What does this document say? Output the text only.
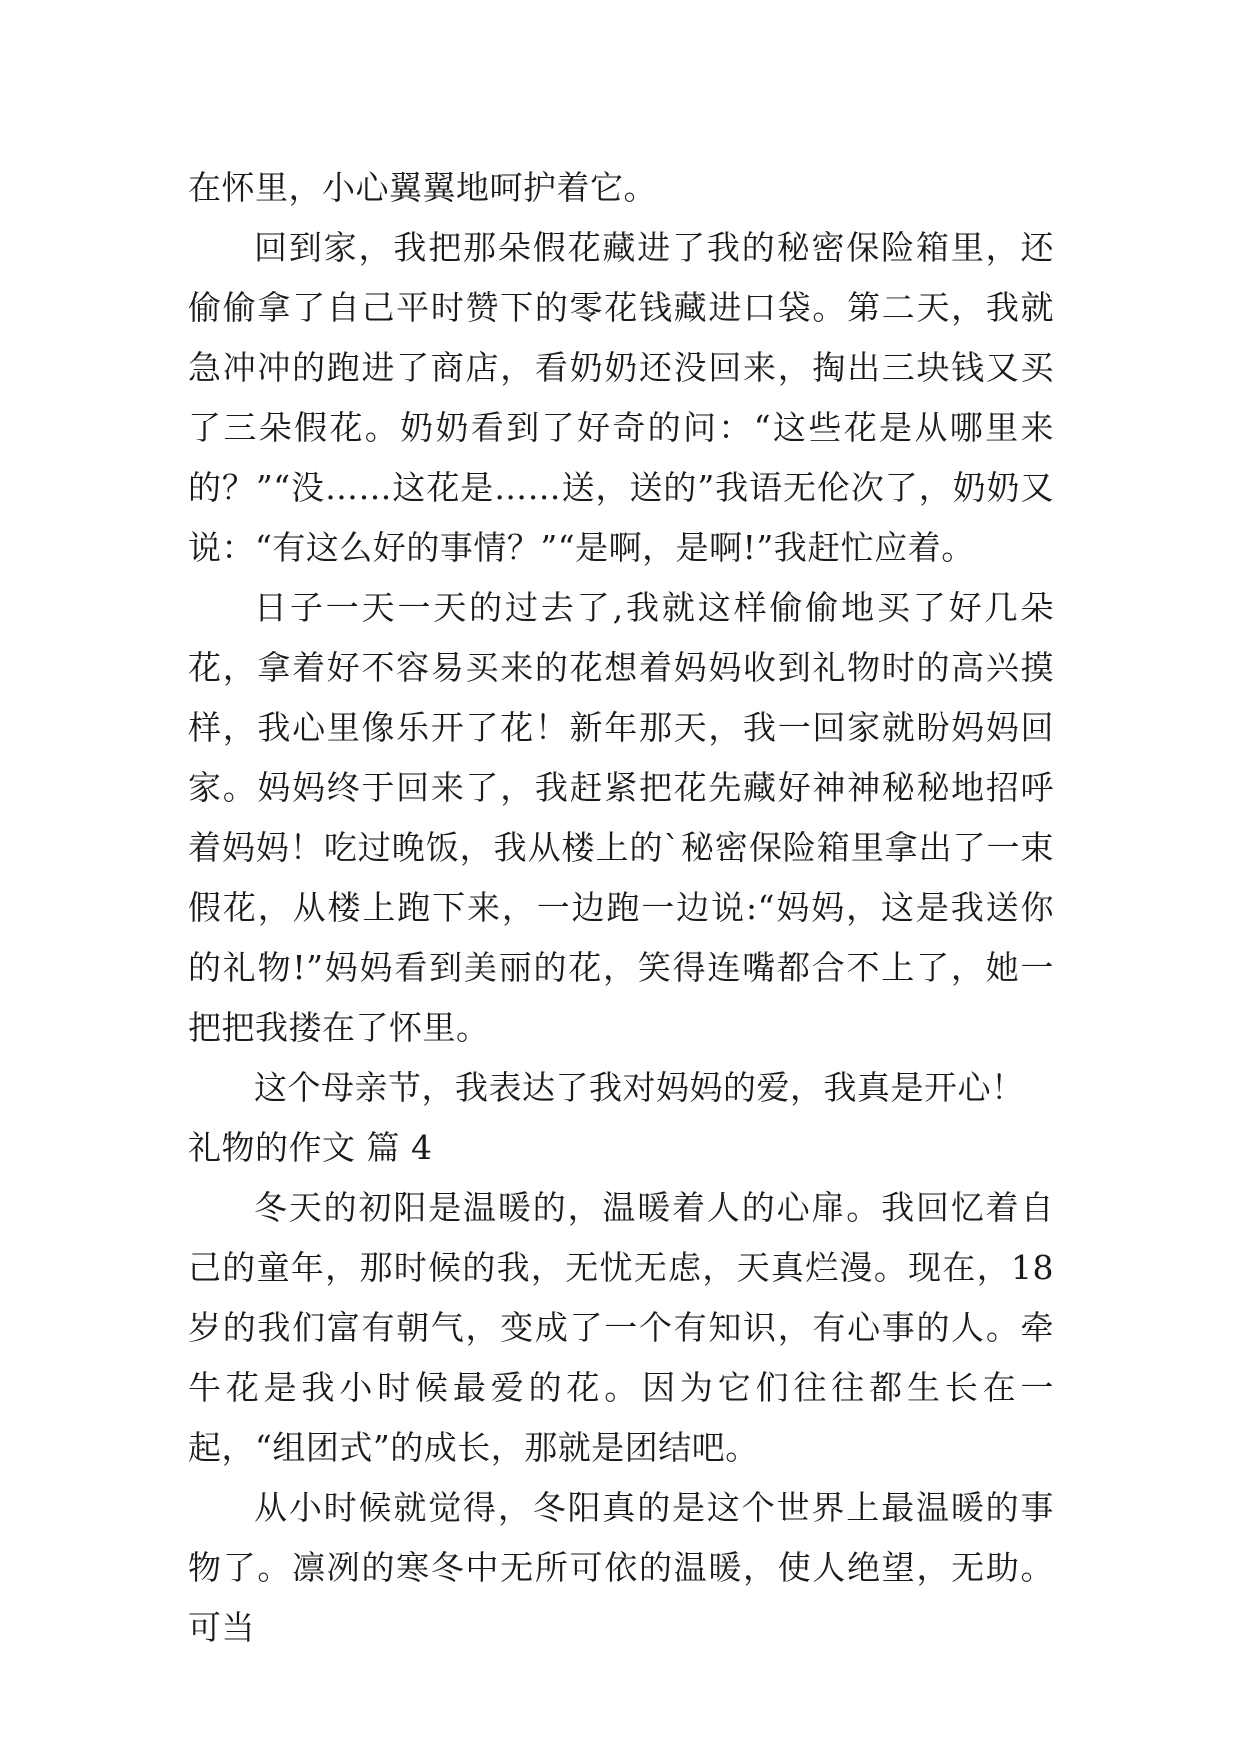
在怀里，小心翼翼地呵护着它。

回到家，我把那朵假花藏进了我的秘密保险箱里，还偷偷拿了自己平时赞下的零花钱藏进口袋。第二天，我就急冲冲的跑进了商店，看奶奶还没回来，掏出三块钱又买了三朵假花。奶奶看到了好奇的问：“这些花是从哪里来的？”“没……这花是……送，送的”我语无伦次了，奶奶又说：“有这么好的事情？”“是啊，是啊!”我赶忙应着。

日子一天一天的过去了,我就这样偷偷地买了好几朵花，拿着好不容易买来的花想着妈妈收到礼物时的高兴摸样，我心里像乐开了花！新年那天，我一回家就盼妈妈回家。妈妈终于回来了，我赶紧把花先藏好神神秘秘地招呼着妈妈！吃过晚饭，我从楼上的`秘密保险箱里拿出了一束假花，从楼上跑下来，一边跑一边说:“妈妈，这是我送你的礼物!”妈妈看到美丽的花，笑得连嘴都合不上了，她一把把我搂在了怀里。

这个母亲节，我表达了我对妈妈的爱，我真是开心！

礼物的作文 篇 4

冬天的初阳是温暖的，温暖着人的心扉。我回忆着自己的童年，那时候的我，无忧无虑，天真烂漫。现在，18 岁的我们富有朝气，变成了一个有知识，有心事的人。牵牛花是我小时候最爱的花。因为它们往往都生长在一起，“组团式”的成长，那就是团结吧。

从小时候就觉得，冬阳真的是这个世界上最温暖的事物了。凛冽的寒冬中无所可依的温暖，使人绝望，无助。可当
